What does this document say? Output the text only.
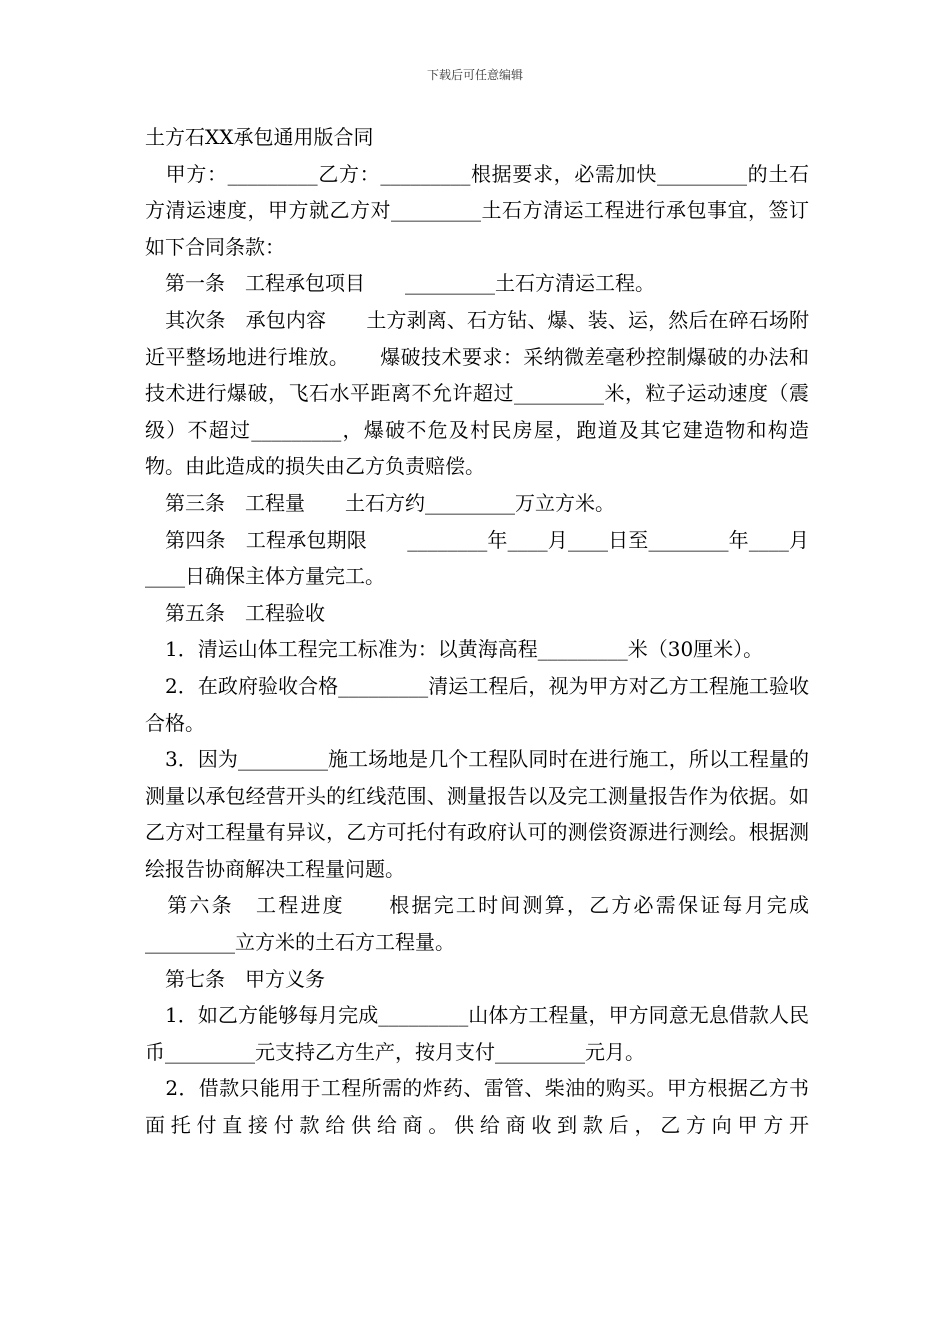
下载后可任意编辑

土方石XX承包通用版合同

　甲方：_________乙方：_________根据要求，必需加快_________的土石方清运速度，甲方就乙方对_________土石方清运工程进行承包事宜，签订如下合同条款：

　第一条　工程承包项目　　_________土石方清运工程。

　其次条　承包内容　　土方剥离、石方钻、爆、装、运，然后在碎石场附近平整场地进行堆放。　　爆破技术要求：采纳微差毫秒控制爆破的办法和技术进行爆破，飞石水平距离不允许超过_________米，粒子运动速度（震级）不超过_________，爆破不危及村民房屋，跑道及其它建造物和构造物。由此造成的损失由乙方负责赔偿。

　第三条　工程量　　土石方约_________万立方米。

　第四条　工程承包期限　　________年____月____日至________年____月____日确保主体方量完工。

　第五条　工程验收

　1．清运山体工程完工标准为：以黄海高程_________米（30厘米）。

　2．在政府验收合格_________清运工程后，视为甲方对乙方工程施工验收合格。

　3．因为_________施工场地是几个工程队同时在进行施工，所以工程量的测量以承包经营开头的红线范围、测量报告以及完工测量报告作为依据。如乙方对工程量有异议，乙方可托付有政府认可的测偿资源进行测绘。根据测绘报告协商解决工程量问题。

　第六条　工程进度　　根据完工时间测算，乙方必需保证每月完成_________立方米的土石方工程量。

　第七条　甲方义务

　1．如乙方能够每月完成_________山体方工程量，甲方同意无息借款人民币_________元支持乙方生产，按月支付_________元月。

　2．借款只能用于工程所需的炸药、雷管、柴油的购买。甲方根据乙方书面托付直接付款给供给商。供给商收到款后，乙方向甲方开
